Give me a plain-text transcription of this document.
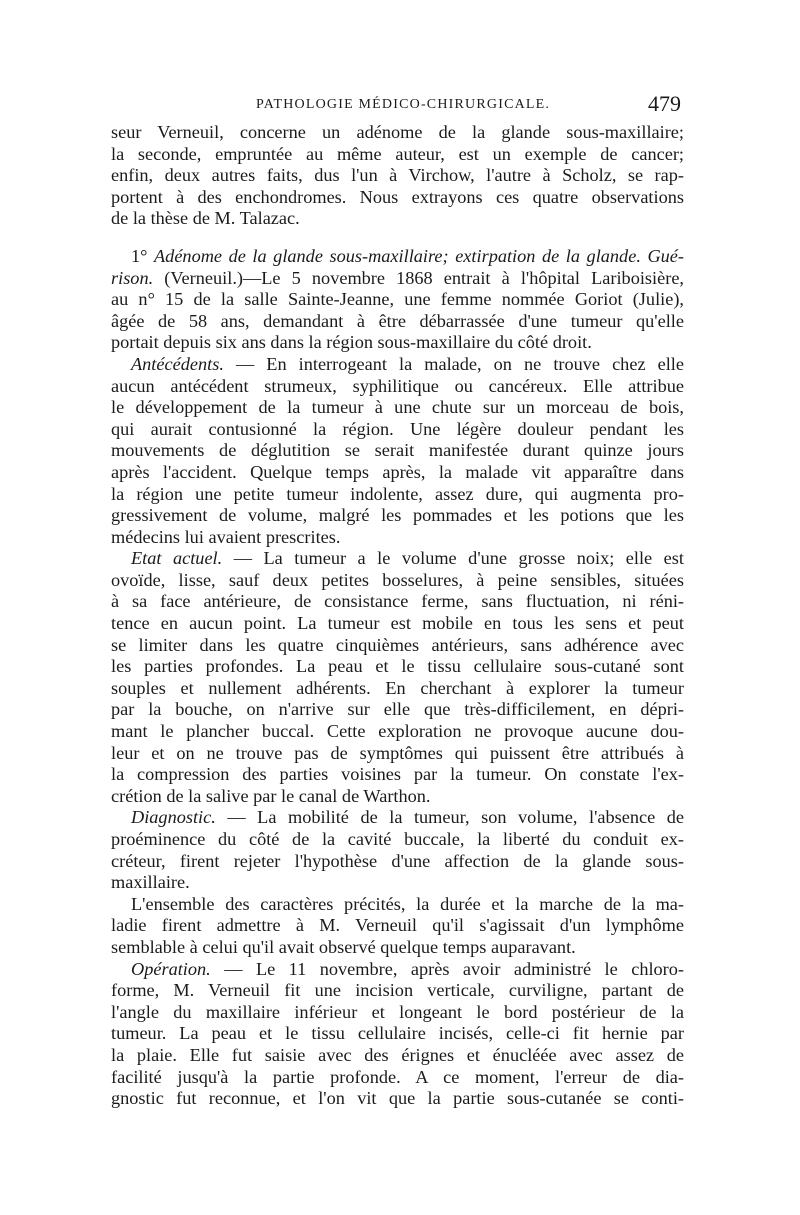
PATHOLOGIE MÉDICO-CHIRURGICALE.	479
seur Verneuil, concerne un adénome de la glande sous-maxillaire;
la seconde, empruntée au même auteur, est un exemple de cancer;
enfin, deux autres faits, dus l'un à Virchow, l'autre à Scholz, se rap-
portent à des enchondromes. Nous extrayons ces quatre observations
de la thèse de M. Talazac.
1° Adénome de la glande sous-maxillaire; extirpation de la glande. Gué-
rison. (Verneuil.)—Le 5 novembre 1868 entrait à l'hôpital Lariboisière,
au n° 15 de la salle Sainte-Jeanne, une femme nommée Goriot (Julie),
âgée de 58 ans, demandant à être débarrassée d'une tumeur qu'elle
portait depuis six ans dans la région sous-maxillaire du côté droit.
Antécédents. — En interrogeant la malade, on ne trouve chez elle
aucun antécédent strumeux, syphilitique ou cancéreux. Elle attribue
le développement de la tumeur à une chute sur un morceau de bois,
qui aurait contusionné la région. Une légère douleur pendant les
mouvements de déglutition se serait manifestée durant quinze jours
après l'accident. Quelque temps après, la malade vit apparaître dans
la région une petite tumeur indolente, assez dure, qui augmenta pro-
gressivement de volume, malgré les pommades et les potions que les
médecins lui avaient prescrites.
Etat actuel. — La tumeur a le volume d'une grosse noix; elle est
ovoïde, lisse, sauf deux petites bosselures, à peine sensibles, situées
à sa face antérieure, de consistance ferme, sans fluctuation, ni réni-
tence en aucun point. La tumeur est mobile en tous les sens et peut
se limiter dans les quatre cinquièmes antérieurs, sans adhérence avec
les parties profondes. La peau et le tissu cellulaire sous-cutané sont
souples et nullement adhérents. En cherchant à explorer la tumeur
par la bouche, on n'arrive sur elle que très-difficilement, en dépri-
mant le plancher buccal. Cette exploration ne provoque aucune dou-
leur et on ne trouve pas de symptômes qui puissent être attribués à
la compression des parties voisines par la tumeur. On constate l'ex-
crétion de la salive par le canal de Warthon.
Diagnostic. — La mobilité de la tumeur, son volume, l'absence de
proéminence du côté de la cavité buccale, la liberté du conduit ex-
créteur, firent rejeter l'hypothèse d'une affection de la glande sous-
maxillaire.
L'ensemble des caractères précités, la durée et la marche de la ma-
ladie firent admettre à M. Verneuil qu'il s'agissait d'un lymphôme
semblable à celui qu'il avait observé quelque temps auparavant.
Opération. — Le 11 novembre, après avoir administré le chloro-
forme, M. Verneuil fit une incision verticale, curviligne, partant de
l'angle du maxillaire inférieur et longeant le bord postérieur de la
tumeur. La peau et le tissu cellulaire incisés, celle-ci fit hernie par
la plaie. Elle fut saisie avec des érignes et énucléée avec assez de
facilité jusqu'à la partie profonde. A ce moment, l'erreur de dia-
gnostic fut reconnue, et l'on vit que la partie sous-cutanée se conti-
